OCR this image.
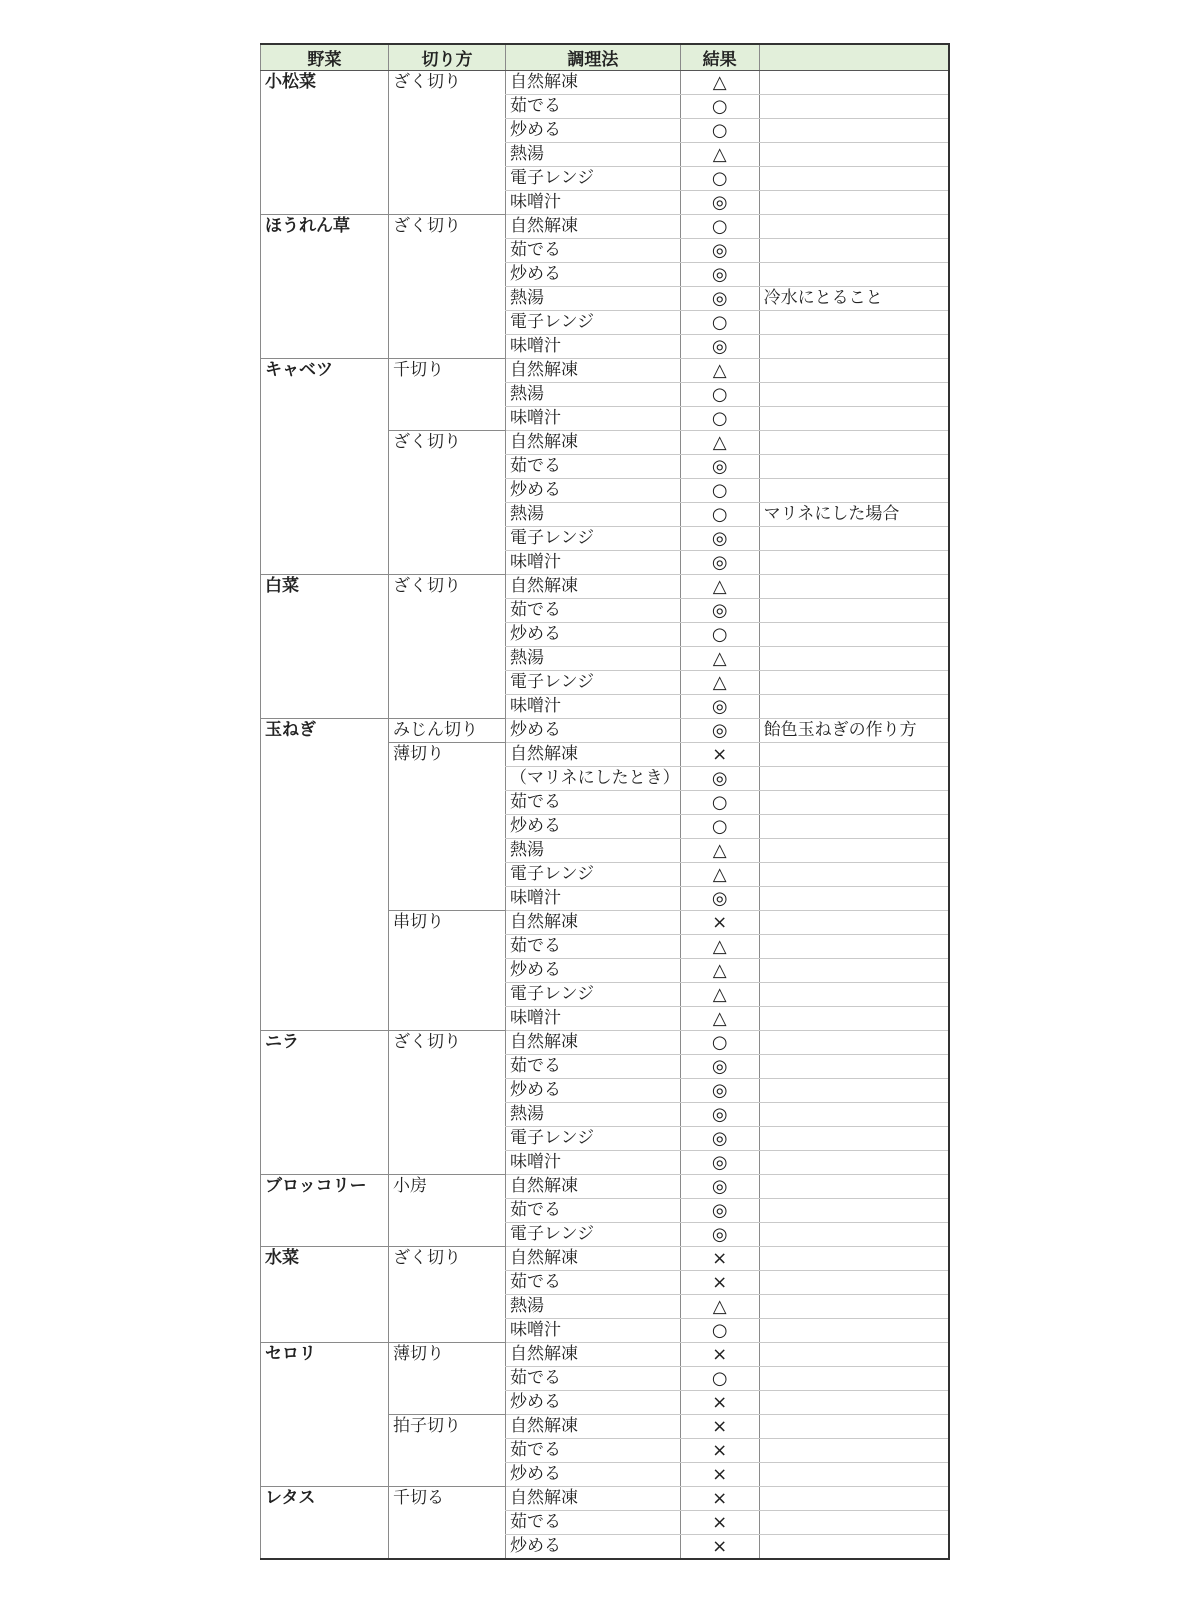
野菜	切り方	調理法	結果	
小松菜	ざく切り	自然解凍	△	
		茹でる	○	
		炒める	○	
		熱湯	△	
		電子レンジ	○	
		味噌汁	◎	
ほうれん草	ざく切り	自然解凍	○	
		茹でる	◎	
		炒める	◎	
		熱湯	◎	冷水にとること
		電子レンジ	○	
		味噌汁	◎	
キャベツ	千切り	自然解凍	△	
		熱湯	○	
		味噌汁	○	
	ざく切り	自然解凍	△	
		茹でる	◎	
		炒める	○	
		熱湯	○	マリネにした場合
		電子レンジ	◎	
		味噌汁	◎	
白菜	ざく切り	自然解凍	△	
		茹でる	◎	
		炒める	○	
		熱湯	△	
		電子レンジ	△	
		味噌汁	◎	
玉ねぎ	みじん切り	炒める	◎	飴色玉ねぎの作り方
	薄切り	自然解凍	×	
		（マリネにしたとき）	◎	
		茹でる	○	
		炒める	○	
		熱湯	△	
		電子レンジ	△	
		味噌汁	◎	
	串切り	自然解凍	×	
		茹でる	△	
		炒める	△	
		電子レンジ	△	
		味噌汁	△	
ニラ	ざく切り	自然解凍	○	
		茹でる	◎	
		炒める	◎	
		熱湯	◎	
		電子レンジ	◎	
		味噌汁	◎	
ブロッコリー	小房	自然解凍	◎	
		茹でる	◎	
		電子レンジ	◎	
水菜	ざく切り	自然解凍	×	
		茹でる	×	
		熱湯	△	
		味噌汁	○	
セロリ	薄切り	自然解凍	×	
		茹でる	○	
		炒める	×	
	拍子切り	自然解凍	×	
		茹でる	×	
		炒める	×	
レタス	千切る	自然解凍	×	
		茹でる	×	
		炒める	×	
